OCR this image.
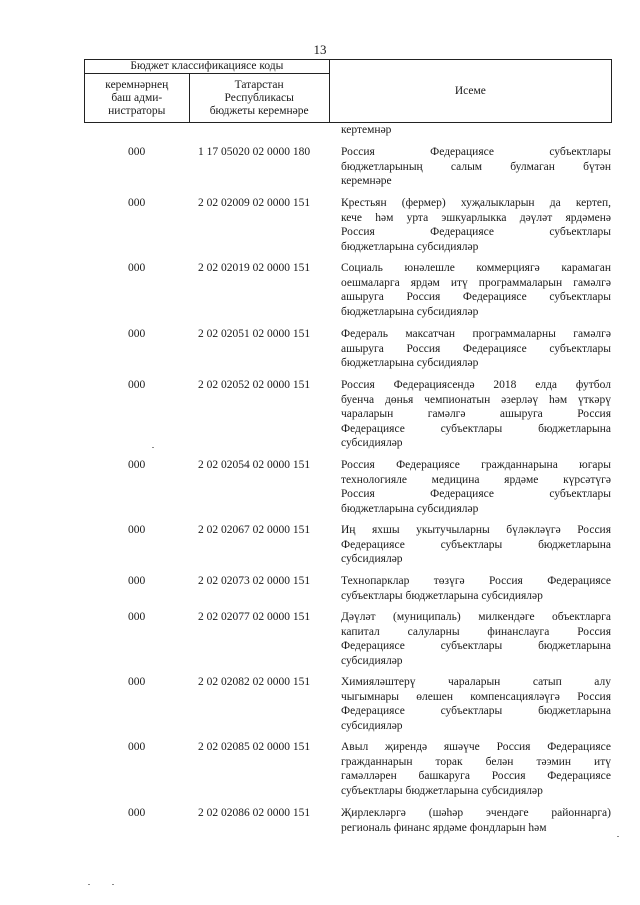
13
Бюджет классификациясе коды		Исеме
керемнәрнең
баш адми-
нистраторы	Татарстан
Республикасы
бюджеты керемнәре	
кертемнәр
000	1 17 05020 02 0000 180	Россия Федерациясе субъектлары
бюджетларының салым булмаган бүтән
керемнәре
000	2 02 02009 02 0000 151	Крестьян (фермер) хуҗалыкларын да кертеп,
кече һәм урта эшкуарлыкка дәүләт ярдәменә
Россия Федерациясе субъектлары
бюджетларына субсидияләр
000	2 02 02019 02 0000 151	Социаль юнәлешле коммерциягә карамаган
оешмаларга ярдәм итү программаларын гамәлгә
ашыруга Россия Федерациясе субъектлары
бюджетларына субсидияләр
000	2 02 02051 02 0000 151	Федераль максатчан программаларны гамәлгә
ашыруга Россия Федерациясе субъектлары
бюджетларына субсидияләр
000	2 02 02052 02 0000 151	Россия Федерациясендә 2018 елда футбол
буенча дөнья чемпионатын әзерләү һәм үткәрү
чараларын гамәлгә ашыруга Россия
Федерациясе субъектлары бюджетларына
субсидияләр
000	2 02 02054 02 0000 151	Россия Федерациясе гражданнарына югары
технологияле медицина ярдәме күрсәтүгә
Россия Федерациясе субъектлары
бюджетларына субсидияләр
000	2 02 02067 02 0000 151	Иң яхшы укытучыларны бүләкләүгә Россия
Федерациясе субъектлары бюджетларына
субсидияләр
000	2 02 02073 02 0000 151	Технопарклар төзүгә Россия Федерациясе
субъектлары бюджетларына субсидияләр
000	2 02 02077 02 0000 151	Дәүләт (муниципаль) милкендәге объектларга
капитал салуларны финанслауга Россия
Федерациясе субъектлары бюджетларына
субсидияләр
000	2 02 02082 02 0000 151	Химияләштерү чараларын сатып алу
чыгымнары өлешен компенсацияләүгә Россия
Федерациясе субъектлары бюджетларына
субсидияләр
000	2 02 02085 02 0000 151	Авыл җирендә яшәүче Россия Федерациясе
гражданнарын торак белән тәэмин итү
гамәлләрен башкаруга Россия Федерациясе
субъектлары бюджетларына субсидияләр
000	2 02 02086 02 0000 151	Җирлекләргә (шәһәр эчендәге районнарга)
региональ финанс ярдәме фондларын һәм
